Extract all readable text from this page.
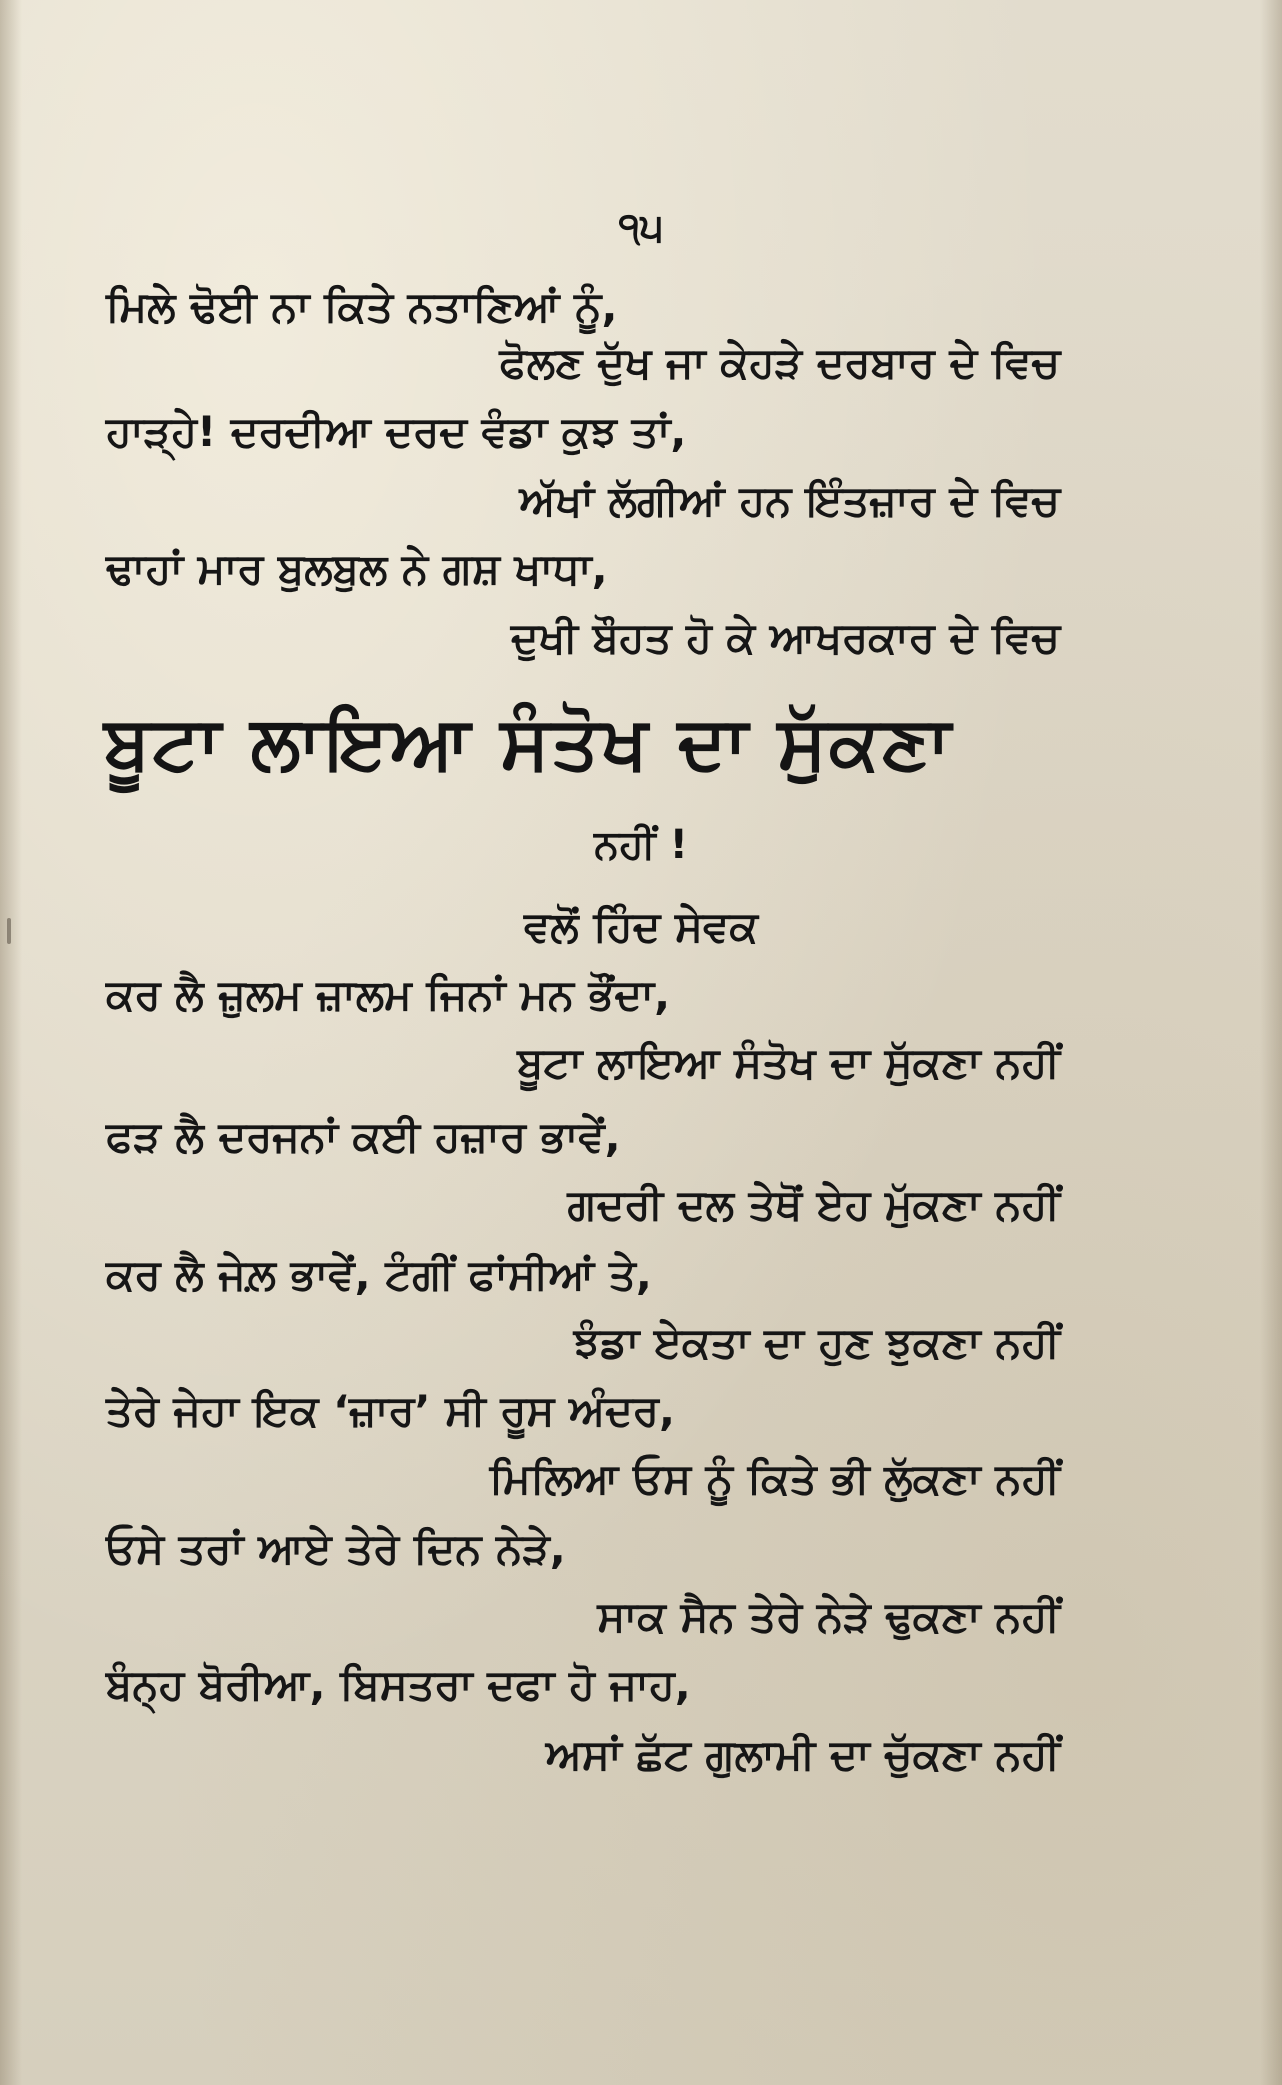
੧੫
ਮਿਲੇ ਢੋਈ ਨਾ ਕਿਤੇ ਨਤਾਣਿਆਂ ਨੂੰ,
ਫੋਲਣ ਦੁੱਖ ਜਾ ਕੇਹੜੇ ਦਰਬਾਰ ਦੇ ਵਿਚ
ਹਾੜ੍ਹੇ! ਦਰਦੀਆ ਦਰਦ ਵੰਡਾ ਕੁਝ ਤਾਂ,
ਅੱਖਾਂ ਲੱਗੀਆਂ ਹਨ ਇੰਤਜ਼ਾਰ ਦੇ ਵਿਚ
ਢਾਹਾਂ ਮਾਰ ਬੁਲਬੁਲ ਨੇ ਗਸ਼ ਖਾਧਾ,
ਦੁਖੀ ਬੌਹਤ ਹੋ ਕੇ ਆਖਰਕਾਰ ਦੇ ਵਿਚ
ਬੂਟਾ ਲਾਇਆ ਸੰਤੋਖ ਦਾ ਸੁੱਕਣਾ
ਨਹੀਂ !
ਵਲੋਂ ਹਿੰਦ ਸੇਵਕ
ਕਰ ਲੈ ਜ਼ੁਲਮ ਜ਼ਾਲਮ ਜਿਨਾਂ ਮਨ ਭੌਂਦਾ,
ਬੂਟਾ ਲਾਇਆ ਸੰਤੋਖ ਦਾ ਸੁੱਕਣਾ ਨਹੀਂ
ਫੜ ਲੈ ਦਰਜਨਾਂ ਕਈ ਹਜ਼ਾਰ ਭਾਵੇਂ,
ਗਦਰੀ ਦਲ ਤੇਥੋਂ ਏਹ ਮੁੱਕਣਾ ਨਹੀਂ
ਕਰ ਲੈ ਜੇਲ਼ ਭਾਵੇਂ, ਟੰਗੀਂ ਫਾਂਸੀਆਂ ਤੇ,
ਝੰਡਾ ਏਕਤਾ ਦਾ ਹੁਣ ਝੁਕਣਾ ਨਹੀਂ
ਤੇਰੇ ਜੇਹਾ ਇਕ ‘ਜ਼ਾਰ’ ਸੀ ਰੂਸ ਅੰਦਰ,
ਮਿਲਿਆ ਓਸ ਨੂੰ ਕਿਤੇ ਭੀ ਲੁੱਕਣਾ ਨਹੀਂ
ਓਸੇ ਤਰਾਂ ਆਏ ਤੇਰੇ ਦਿਨ ਨੇੜੇ,
ਸਾਕ ਸੈਨ ਤੇਰੇ ਨੇੜੇ ਢੁਕਣਾ ਨਹੀਂ
ਬੰਨ੍ਹ ਬੋਰੀਆ, ਬਿਸਤਰਾ ਦਫਾ ਹੋ ਜਾਹ,
ਅਸਾਂ ਛੱਟ ਗੁਲਾਮੀ ਦਾ ਚੁੱਕਣਾ ਨਹੀਂ
